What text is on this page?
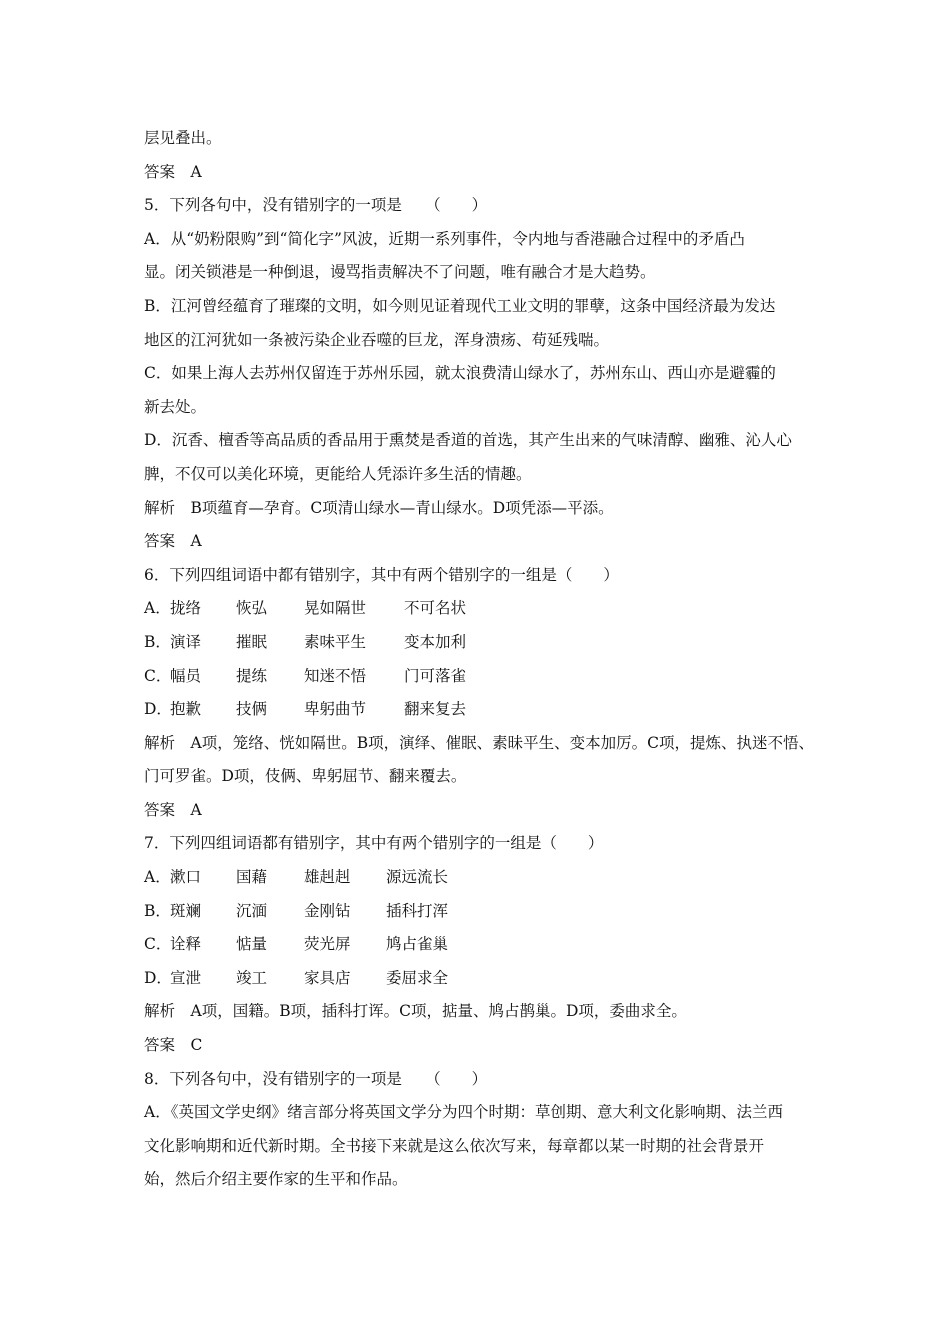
层见叠出。
答案　A
5．下列各句中，没有错别字的一项是　　（　　）
A．从“奶粉限购”到“简化字”风波，近期一系列事件，令内地与香港融合过程中的矛盾凸
显。闭关锁港是一种倒退，谩骂指责解决不了问题，唯有融合才是大趋势。
B．江河曾经蕴育了璀璨的文明，如今则见证着现代工业文明的罪孽，这条中国经济最为发达
地区的江河犹如一条被污染企业吞噬的巨龙，浑身溃疡、苟延残喘。
C．如果上海人去苏州仅留连于苏州乐园，就太浪费清山绿水了，苏州东山、西山亦是避霾的
新去处。
D．沉香、檀香等高品质的香品用于熏焚是香道的首选，其产生出来的气味清醇、幽雅、沁人心
脾，不仅可以美化环境，更能给人凭添许多生活的情趣。
解析　B项蕴育—孕育。C项清山绿水—青山绿水。D项凭添—平添。
答案　A
6．下列四组词语中都有错别字，其中有两个错别字的一组是（　　）
A．拢络 恢弘 晃如隔世 不可名状
B．演译 摧眠 素味平生 变本加利
C．幅员 提练 知迷不悟 门可落雀
D．抱歉 技俩 卑躬曲节 翻来复去
解析　A项，笼络、恍如隔世。B项，演绎、催眠、素昧平生、变本加厉。C项，提炼、执迷不悟、
门可罗雀。D项，伎俩、卑躬屈节、翻来覆去。
答案　A
7．下列四组词语都有错别字，其中有两个错别字的一组是（　　）
A．漱口 国藉 雄赳赳 源远流长
B．斑斓 沉湎 金刚钻 插科打浑
C．诠释 惦量 荧光屏 鸠占雀巢
D．宣泄 竣工 家具店 委屈求全
解析　A项，国籍。B项，插科打诨。C项，掂量、鸠占鹊巢。D项，委曲求全。
答案　C
8．下列各句中，没有错别字的一项是　　（　　）
A．《英国文学史纲》绪言部分将英国文学分为四个时期：草创期、意大利文化影响期、法兰西
文化影响期和近代新时期。全书接下来就是这么依次写来，每章都以某一时期的社会背景开
始，然后介绍主要作家的生平和作品。
